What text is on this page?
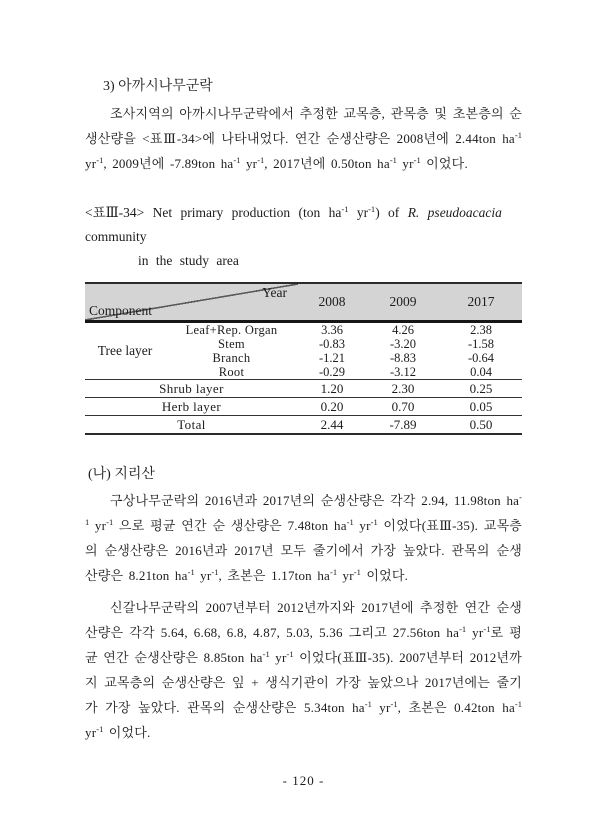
3) 아까시나무군락
조사지역의 아까시나무군락에서 추정한 교목층, 관목층 및 초본층의 순생산량을 <표Ⅲ-34>에 나타내었다. 연간 순생산량은 2008년에 2.44ton $ha^{-1}$ $yr^{-1}$, 2009년에 -7.89ton $ha^{-1}$ $yr^{-1}$, 2017년에 0.50ton $ha^{-1}$ $yr^{-1}$ 이었다.
<표Ⅲ-34> Net primary production (ton $ha^{-1}$ $yr^{-1}$) of R. pseudoacacia community
in the study area
Year
Component		2008	2009	2017
Tree layer	Leaf+Rep. Organ	3.36	4.26	2.38
	Stem	-0.83	-3.20	-1.58
	Branch	-1.21	-8.83	-0.64
	Root	-0.29	-3.12	0.04
Shrub layer		1.20	2.30	0.25
Herb layer		0.20	0.70	0.05
Total		2.44	-7.89	0.50
(나) 지리산
구상나무군락의 2016년과 2017년의 순생산량은 각각 2.94, 11.98ton $ha^{-1}$ $yr^{-1}$ 으로 평균 연간 순 생산량은 7.48ton $ha^{-1}$ $yr^{-1}$ 이었다(표Ⅲ-35). 교목층의 순생산량은 2016년과 2017년 모두 줄기에서 가장 높았다. 관목의 순생산량은 8.21ton $ha^{-1}$ $yr^{-1}$, 초본은 1.17ton $ha^{-1}$ $yr^{-1}$ 이었다.
신갈나무군락의 2007년부터 2012년까지와 2017년에 추정한 연간 순생산량은 각각 5.64, 6.68, 6.8, 4.87, 5.03, 5.36 그리고 27.56ton $ha^{-1}$ $yr^{-1}$로 평균 연간 순생산량은 8.85ton $ha^{-1}$ $yr^{-1}$ 이었다(표Ⅲ-35). 2007년부터 2012년까지 교목층의 순생산량은 잎 + 생식기관이 가장 높았으나 2017년에는 줄기가 가장 높았다. 관목의 순생산량은 5.34ton $ha^{-1}$ $yr^{-1}$, 초본은 0.42ton $ha^{-1}$ $yr^{-1}$ 이었다.
- 120 -
